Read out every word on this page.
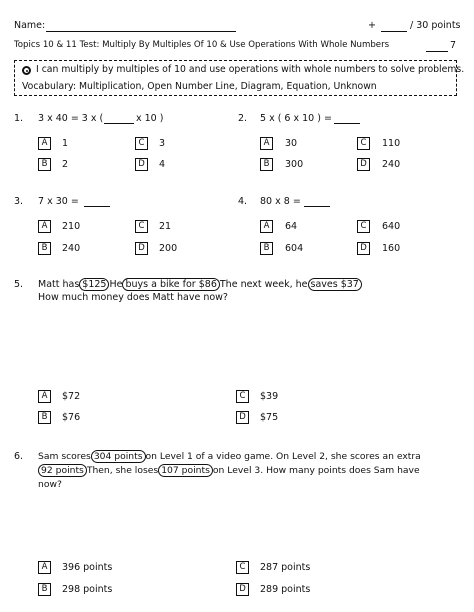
Name:	+	/ 30 points
Topics 10 & 11 Test: Multiply By Multiples Of 10 & Use Operations With Whole Numbers	7
I can multiply by multiples of 10 and use operations with whole numbers to solve problems.
Vocabulary: Multiplication, Open Number Line, Diagram, Equation, Unknown
1. 3 x 40 = 3 x (	x 10 )
A	1
B	2
C	3
D	4
2. 5 x ( 6 x 10 ) =
A	30
B	300
C	110
D	240
3. 7 x 30 =
A	210
B	240
C	21
D	200
4. 80 x 8 =
A	64
B	604
C	640
D	160
5. Matt has $125 He buys a bike for $86 The next week, he saves $37
How much money does Matt have now?
A	$72
B	$76
C	$39
D	$75
6. Sam scores 304 points on Level 1 of a video game. On Level 2, she scores an extra
92 points Then, she loses 107 points on Level 3. How many points does Sam have
now?
A	396 points
B	298 points
C	287 points
D	289 points
